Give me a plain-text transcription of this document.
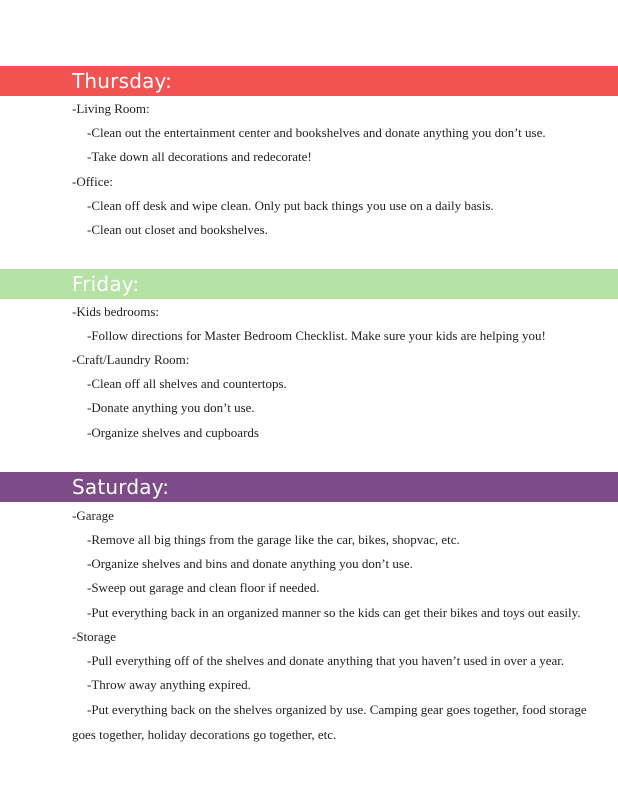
Thursday:
-Living Room:
-Clean out the entertainment center and bookshelves and donate anything you don’t use.
-Take down all decorations and redecorate!
-Office:
-Clean off desk and wipe clean. Only put back things you use on a daily basis.
-Clean out closet and bookshelves.
Friday:
-Kids bedrooms:
-Follow directions for Master Bedroom Checklist. Make sure your kids are helping you!
-Craft/Laundry Room:
-Clean off all shelves and countertops.
-Donate anything you don’t use.
-Organize shelves and cupboards
Saturday:
-Garage
-Remove all big things from the garage like the car, bikes, shopvac, etc.
-Organize shelves and bins and donate anything you don’t use.
-Sweep out garage and clean floor if needed.
-Put everything back in an organized manner so the kids can get their bikes and toys out easily.
-Storage
-Pull everything off of the shelves and donate anything that you haven’t used in over a year.
-Throw away anything expired.
-Put everything back on the shelves organized by use. Camping gear goes together, food storage goes together, holiday decorations go together, etc.
